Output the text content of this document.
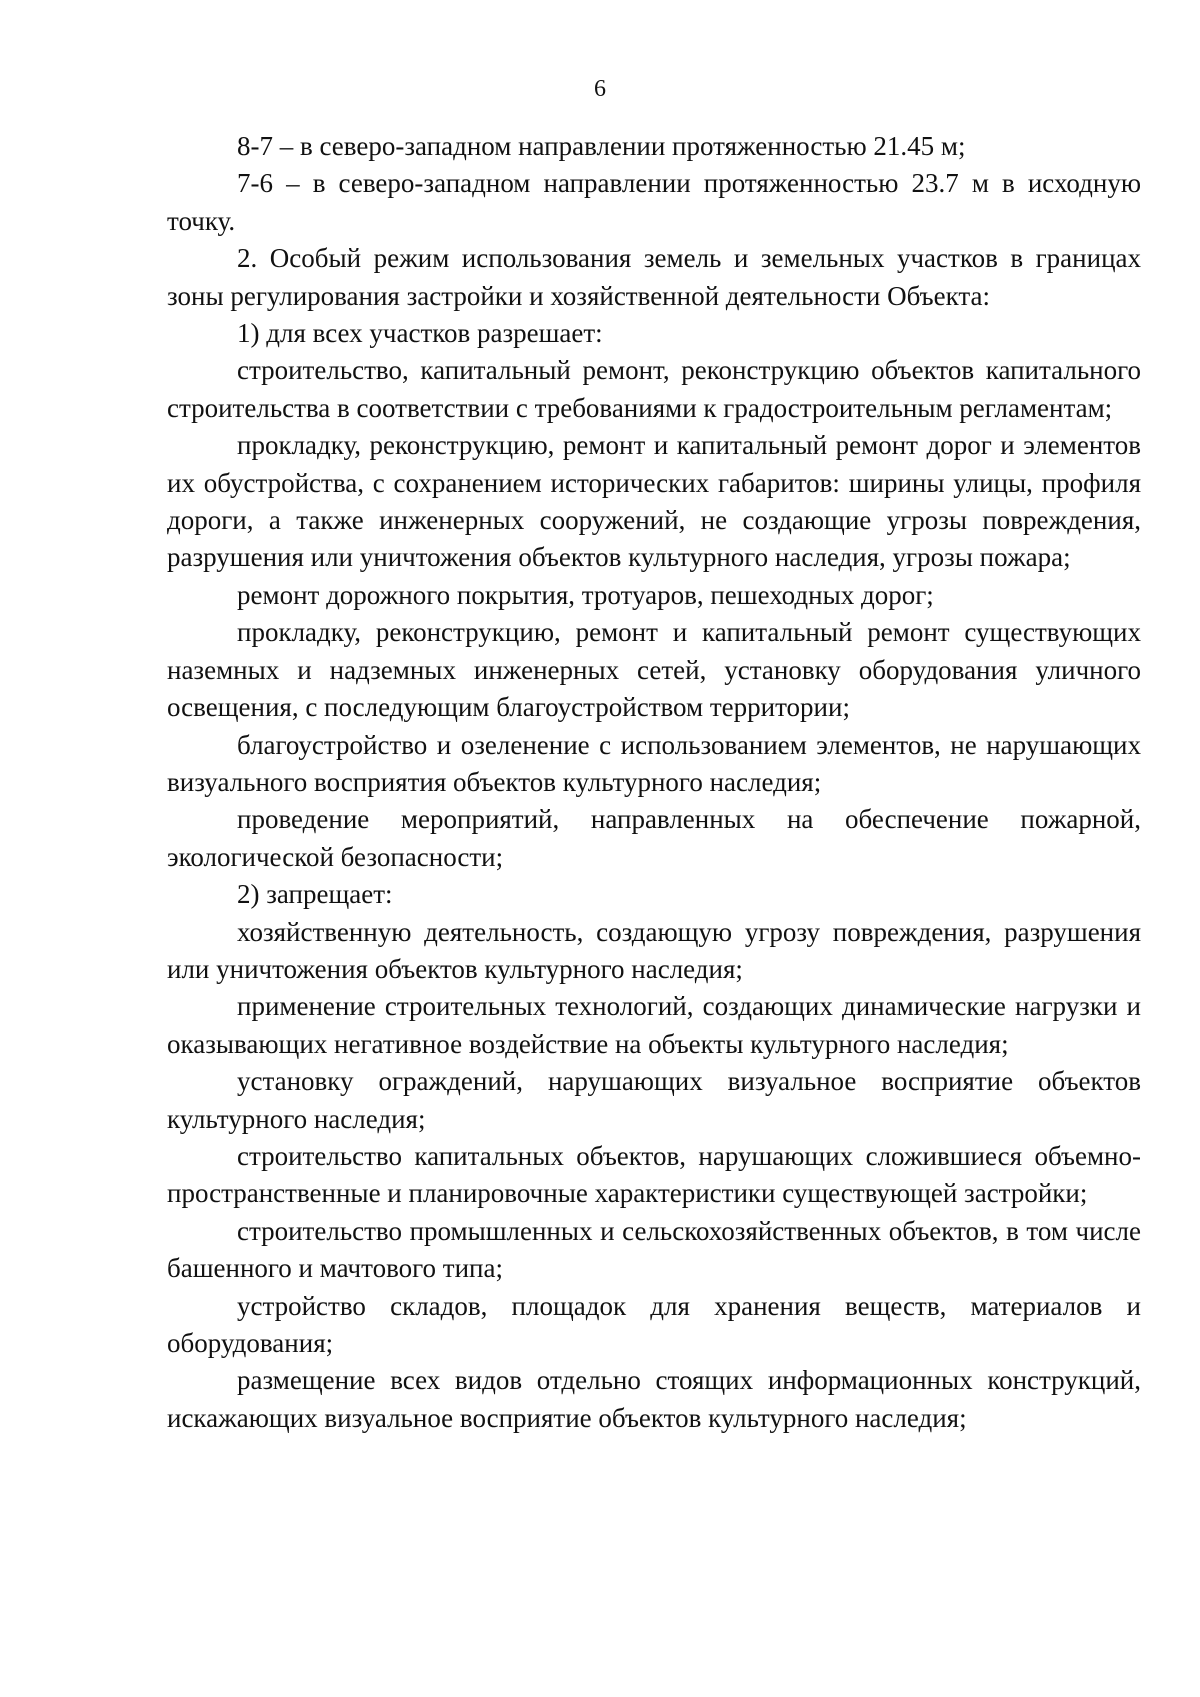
6

8-7 – в северо-западном направлении протяженностью 21.45 м;

7-6 – в северо-западном направлении протяженностью 23.7 м в исходную точку.

2. Особый режим использования земель и земельных участков в границах зоны регулирования застройки и хозяйственной деятельности Объекта:

1) для всех участков разрешает:

строительство, капитальный ремонт, реконструкцию объектов капитального строительства в соответствии с требованиями к градостроительным регламентам;

прокладку, реконструкцию, ремонт и капитальный ремонт дорог и элементов их обустройства, с сохранением исторических габаритов: ширины улицы, профиля дороги, а также инженерных сооружений, не создающие угрозы повреждения, разрушения или уничтожения объектов культурного наследия, угрозы пожара;

ремонт дорожного покрытия, тротуаров, пешеходных дорог;

прокладку, реконструкцию, ремонт и капитальный ремонт существующих наземных и надземных инженерных сетей, установку оборудования уличного освещения, с последующим благоустройством территории;

благоустройство и озеленение с использованием элементов, не нарушающих визуального восприятия объектов культурного наследия;

проведение мероприятий, направленных на обеспечение пожарной, экологической безопасности;

2) запрещает:

хозяйственную деятельность, создающую угрозу повреждения, разрушения или уничтожения объектов культурного наследия;

применение строительных технологий, создающих динамические нагрузки и оказывающих негативное воздействие на объекты культурного наследия;

установку ограждений, нарушающих визуальное восприятие объектов культурного наследия;

строительство капитальных объектов, нарушающих сложившиеся объемно-пространственные и планировочные характеристики существующей застройки;

строительство промышленных и сельскохозяйственных объектов, в том числе башенного и мачтового типа;

устройство складов, площадок для хранения веществ, материалов и оборудования;

размещение всех видов отдельно стоящих информационных конструкций, искажающих визуальное восприятие объектов культурного наследия;
